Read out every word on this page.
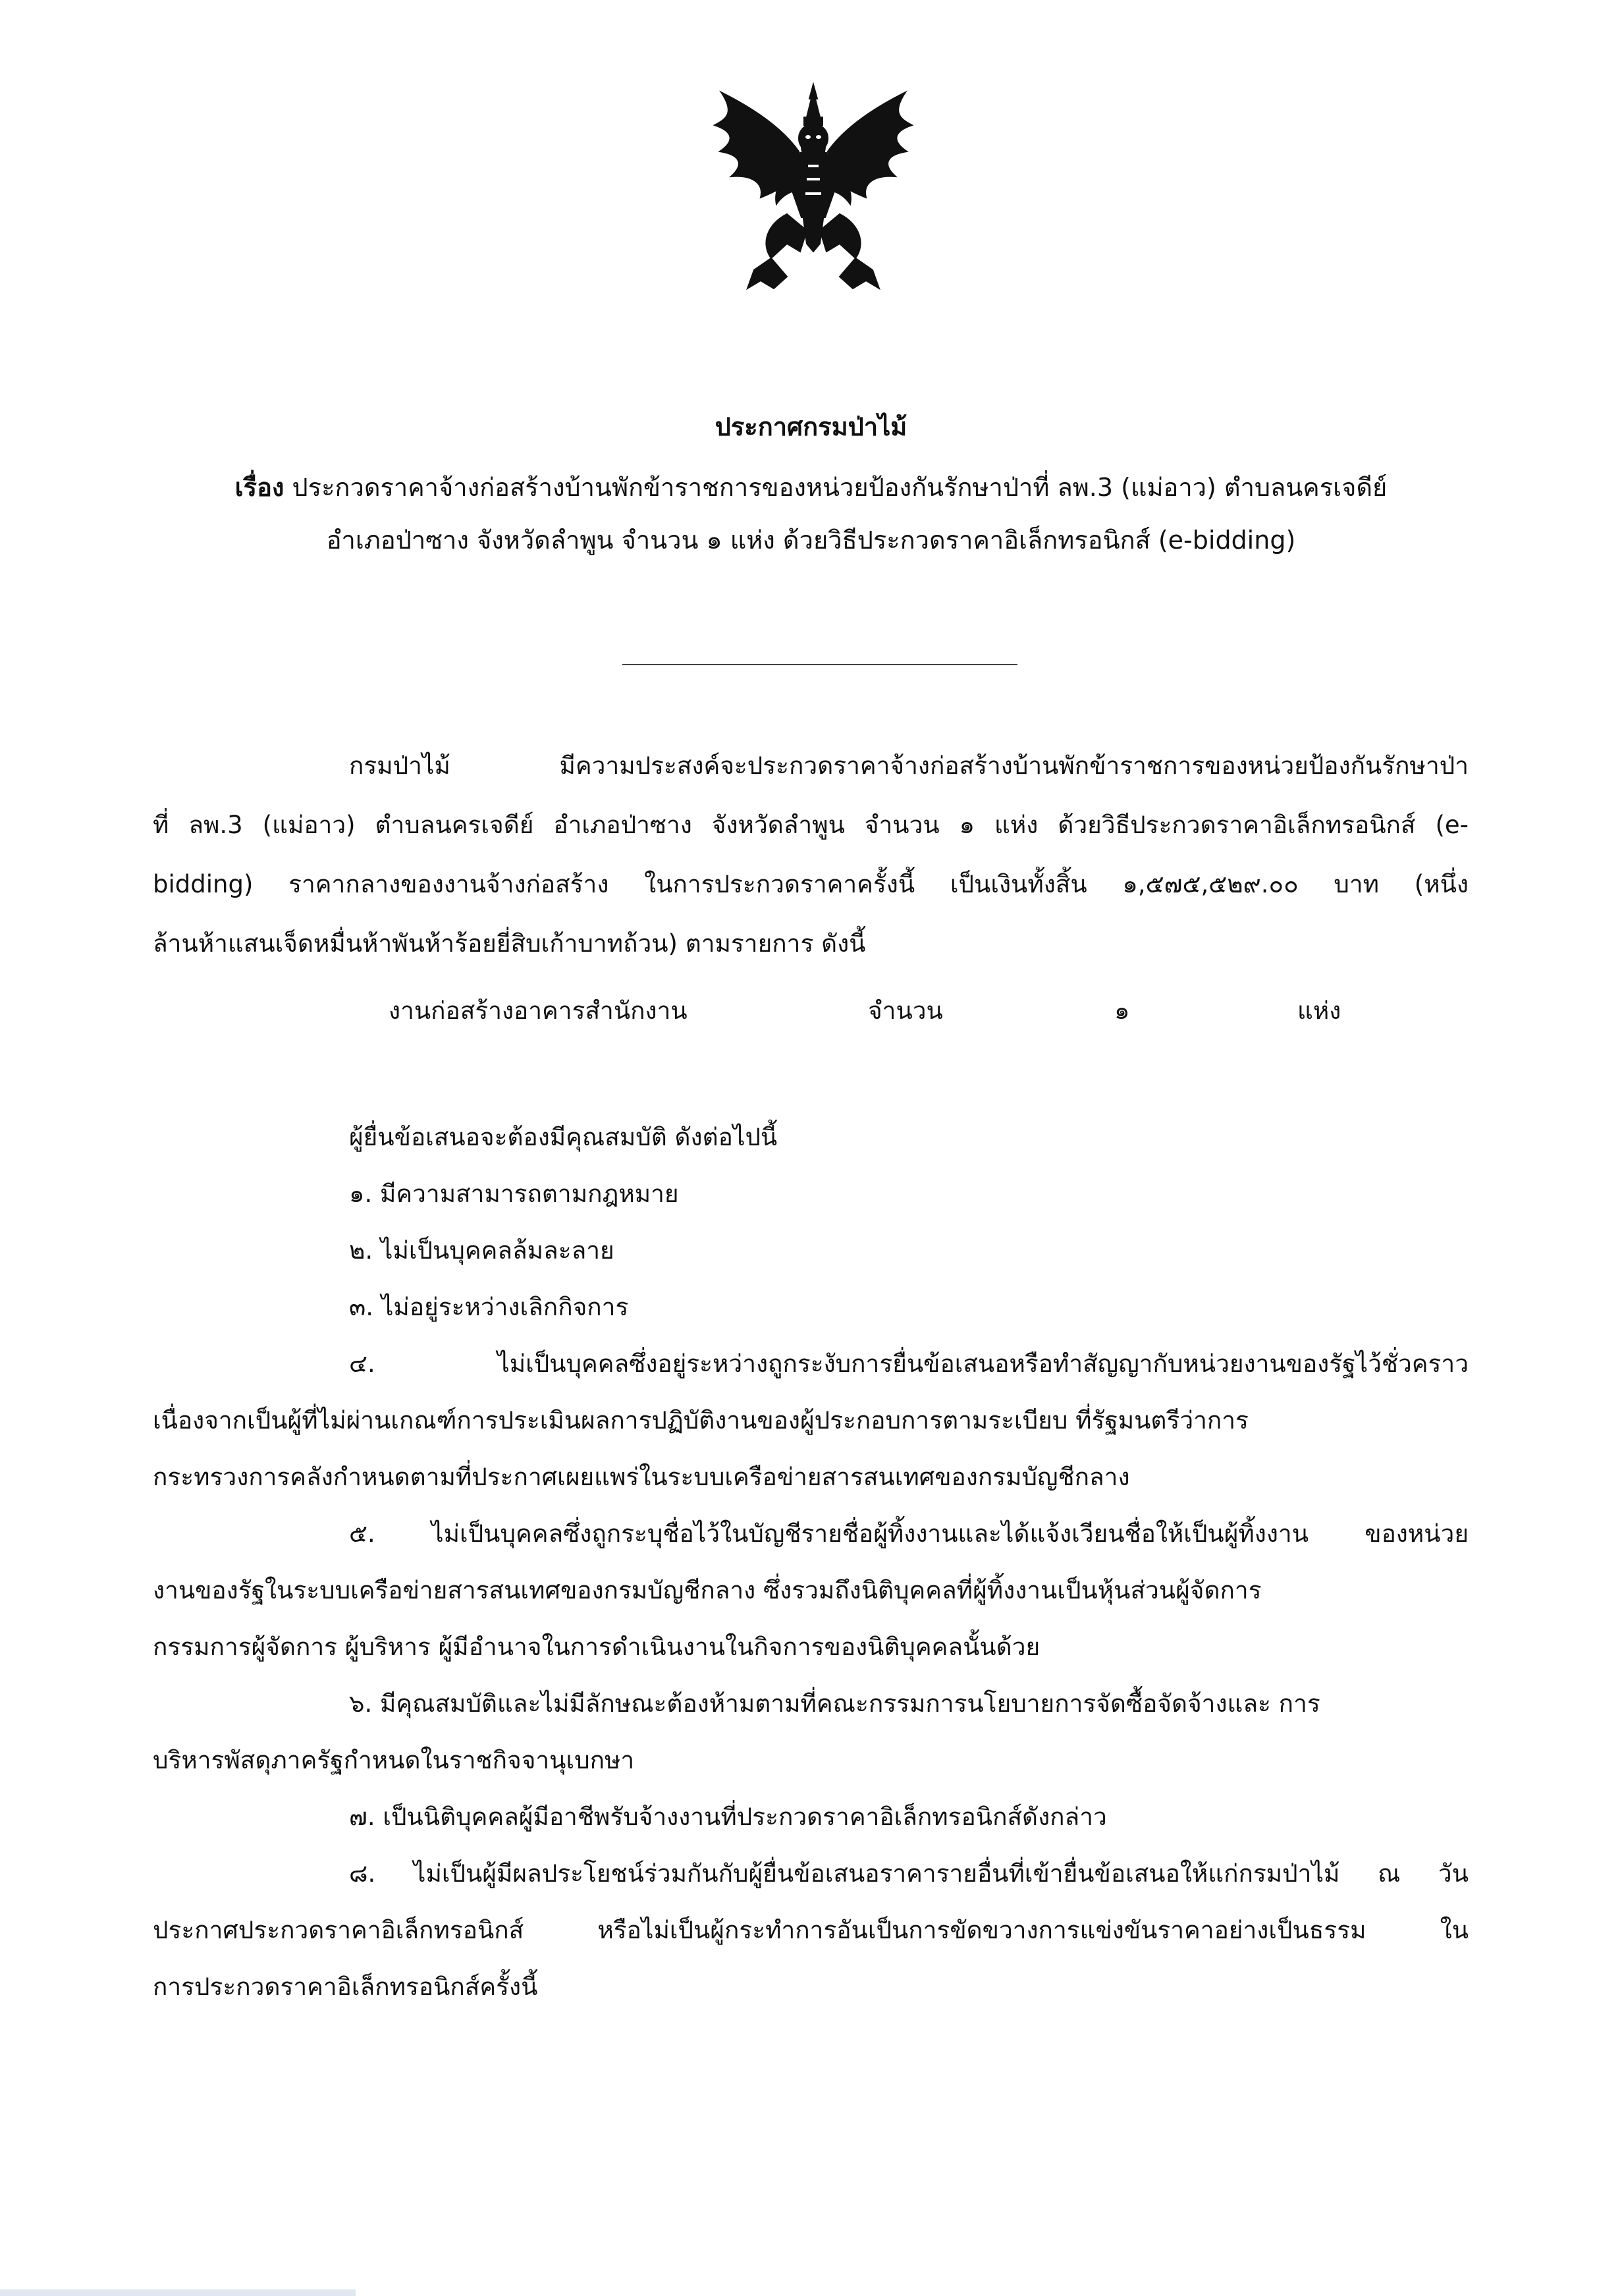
ประกาศกรมป่าไม้
เรื่อง ประกวดราคาจ้างก่อสร้างบ้านพักข้าราชการของหน่วยป้องกันรักษาป่าที่ ลพ.3 (แม่อาว) ตำบลนครเจดีย์
อำเภอป่าซาง จังหวัดลำพูน จำนวน ๑ แห่ง ด้วยวิธีประกวดราคาอิเล็กทรอนิกส์ (e-bidding)
กรมป่าไม้ มีความประสงค์จะประกวดราคาจ้างก่อสร้างบ้านพักข้าราชการของหน่วยป้องกันรักษาป่า
ที่ ลพ.3 (แม่อาว) ตำบลนครเจดีย์ อำเภอป่าซาง จังหวัดลำพูน จำนวน ๑ แห่ง ด้วยวิธีประกวดราคาอิเล็กทรอนิกส์ (e-
bidding) ราคากลางของงานจ้างก่อสร้าง ในการประกวดราคาครั้งนี้ เป็นเงินทั้งสิ้น ๑,๕๗๕,๕๒๙.๐๐ บาท (หนึ่ง
ล้านห้าแสนเจ็ดหมื่นห้าพันห้าร้อยยี่สิบเก้าบาทถ้วน) ตามรายการ ดังนี้
งานก่อสร้างอาคารสำนักงาน	จำนวน	๑	แห่ง
ผู้ยื่นข้อเสนอจะต้องมีคุณสมบัติ ดังต่อไปนี้
๑. มีความสามารถตามกฎหมาย
๒. ไม่เป็นบุคคลล้มละลาย
๓. ไม่อยู่ระหว่างเลิกกิจการ
๔. ไม่เป็นบุคคลซึ่งอยู่ระหว่างถูกระงับการยื่นข้อเสนอหรือทำสัญญากับหน่วยงานของรัฐไว้ชั่วคราว
เนื่องจากเป็นผู้ที่ไม่ผ่านเกณฑ์การประเมินผลการปฏิบัติงานของผู้ประกอบการตามระเบียบ ที่รัฐมนตรีว่าการ
กระทรวงการคลังกำหนดตามที่ประกาศเผยแพร่ในระบบเครือข่ายสารสนเทศของกรมบัญชีกลาง
๕. ไม่เป็นบุคคลซึ่งถูกระบุชื่อไว้ในบัญชีรายชื่อผู้ทิ้งงานและได้แจ้งเวียนชื่อให้เป็นผู้ทิ้งงาน ของหน่วย
งานของรัฐในระบบเครือข่ายสารสนเทศของกรมบัญชีกลาง ซึ่งรวมถึงนิติบุคคลที่ผู้ทิ้งงานเป็นหุ้นส่วนผู้จัดการ
กรรมการผู้จัดการ ผู้บริหาร ผู้มีอำนาจในการดำเนินงานในกิจการของนิติบุคคลนั้นด้วย
๖. มีคุณสมบัติและไม่มีลักษณะต้องห้ามตามที่คณะกรรมการนโยบายการจัดซื้อจัดจ้างและ การ
บริหารพัสดุภาครัฐกำหนดในราชกิจจานุเบกษา
๗. เป็นนิติบุคคลผู้มีอาชีพรับจ้างงานที่ประกวดราคาอิเล็กทรอนิกส์ดังกล่าว
๘. ไม่เป็นผู้มีผลประโยชน์ร่วมกันกับผู้ยื่นข้อเสนอราคารายอื่นที่เข้ายื่นข้อเสนอให้แก่กรมป่าไม้ ณ วัน
ประกาศประกวดราคาอิเล็กทรอนิกส์ หรือไม่เป็นผู้กระทำการอันเป็นการขัดขวางการแข่งขันราคาอย่างเป็นธรรม ใน
การประกวดราคาอิเล็กทรอนิกส์ครั้งนี้
